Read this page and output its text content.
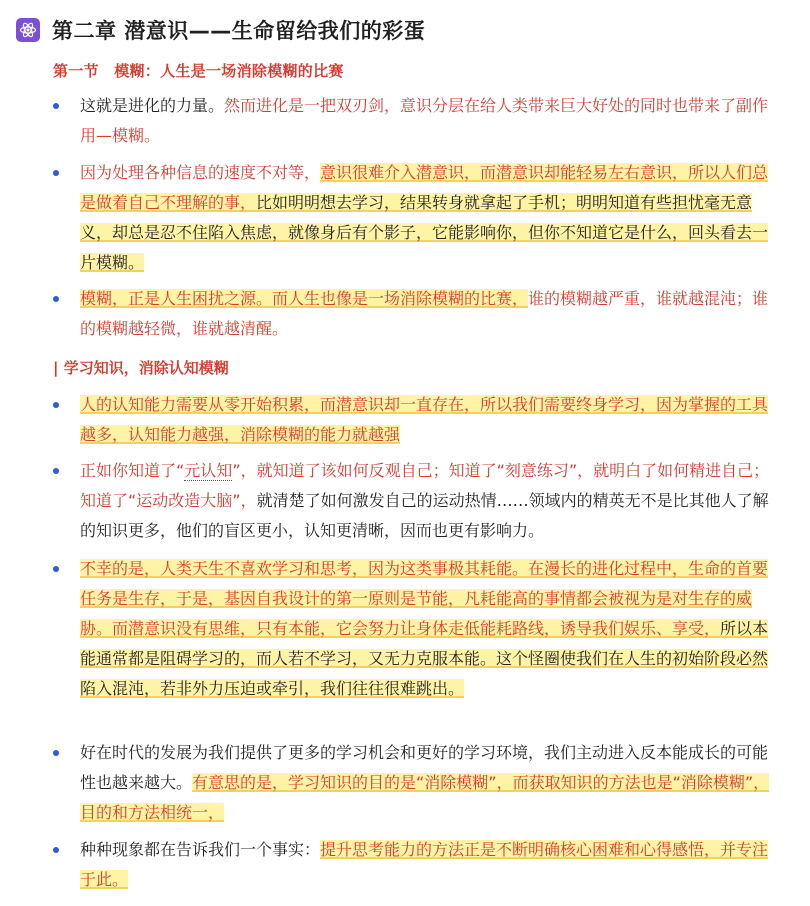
第二章 潜意识——生命留给我们的彩蛋
第一节　模糊：人生是一场消除模糊的比赛
这就是进化的力量。然而进化是一把双刃剑，意识分层在给人类带来巨大好处的同时也带来了副作用—模糊。
因为处理各种信息的速度不对等，意识很难介入潜意识，而潜意识却能轻易左右意识，所以人们总是做着自己不理解的事，比如明明想去学习，结果转身就拿起了手机；明明知道有些担忧毫无意义，却总是忍不住陷入焦虑，就像身后有个影子，它能影响你，但你不知道它是什么，回头看去一片模糊。
模糊，正是人生困扰之源。而人生也像是一场消除模糊的比赛，谁的模糊越严重，谁就越混沌；谁的模糊越轻微，谁就越清醒。
| 学习知识，消除认知模糊
人的认知能力需要从零开始积累，而潜意识却一直存在，所以我们需要终身学习，因为掌握的工具越多，认知能力越强，消除模糊的能力就越强
正如你知道了“元认知”，就知道了该如何反观自己；知道了“刻意练习”，就明白了如何精进自己；知道了“运动改造大脑”，就清楚了如何激发自己的运动热情……领域内的精英无不是比其他人了解的知识更多，他们的盲区更小，认知更清晰，因而也更有影响力。
不幸的是，人类天生不喜欢学习和思考，因为这类事极其耗能。在漫长的进化过程中，生命的首要任务是生存，于是，基因自我设计的第一原则是节能，凡耗能高的事情都会被视为是对生存的威胁。而潜意识没有思维，只有本能，它会努力让身体走低能耗路线，诱导我们娱乐、享受，所以本能通常都是阻碍学习的，而人若不学习，又无力克服本能。这个怪圈使我们在人生的初始阶段必然陷入混沌，若非外力压迫或牵引，我们往往很难跳出。
好在时代的发展为我们提供了更多的学习机会和更好的学习环境，我们主动进入反本能成长的可能性也越来越大。有意思的是，学习知识的目的是“消除模糊”，而获取知识的方法也是“消除模糊”，目的和方法相统一，
种种现象都在告诉我们一个事实：提升思考能力的方法正是不断明确核心困难和心得感悟，并专注于此。
